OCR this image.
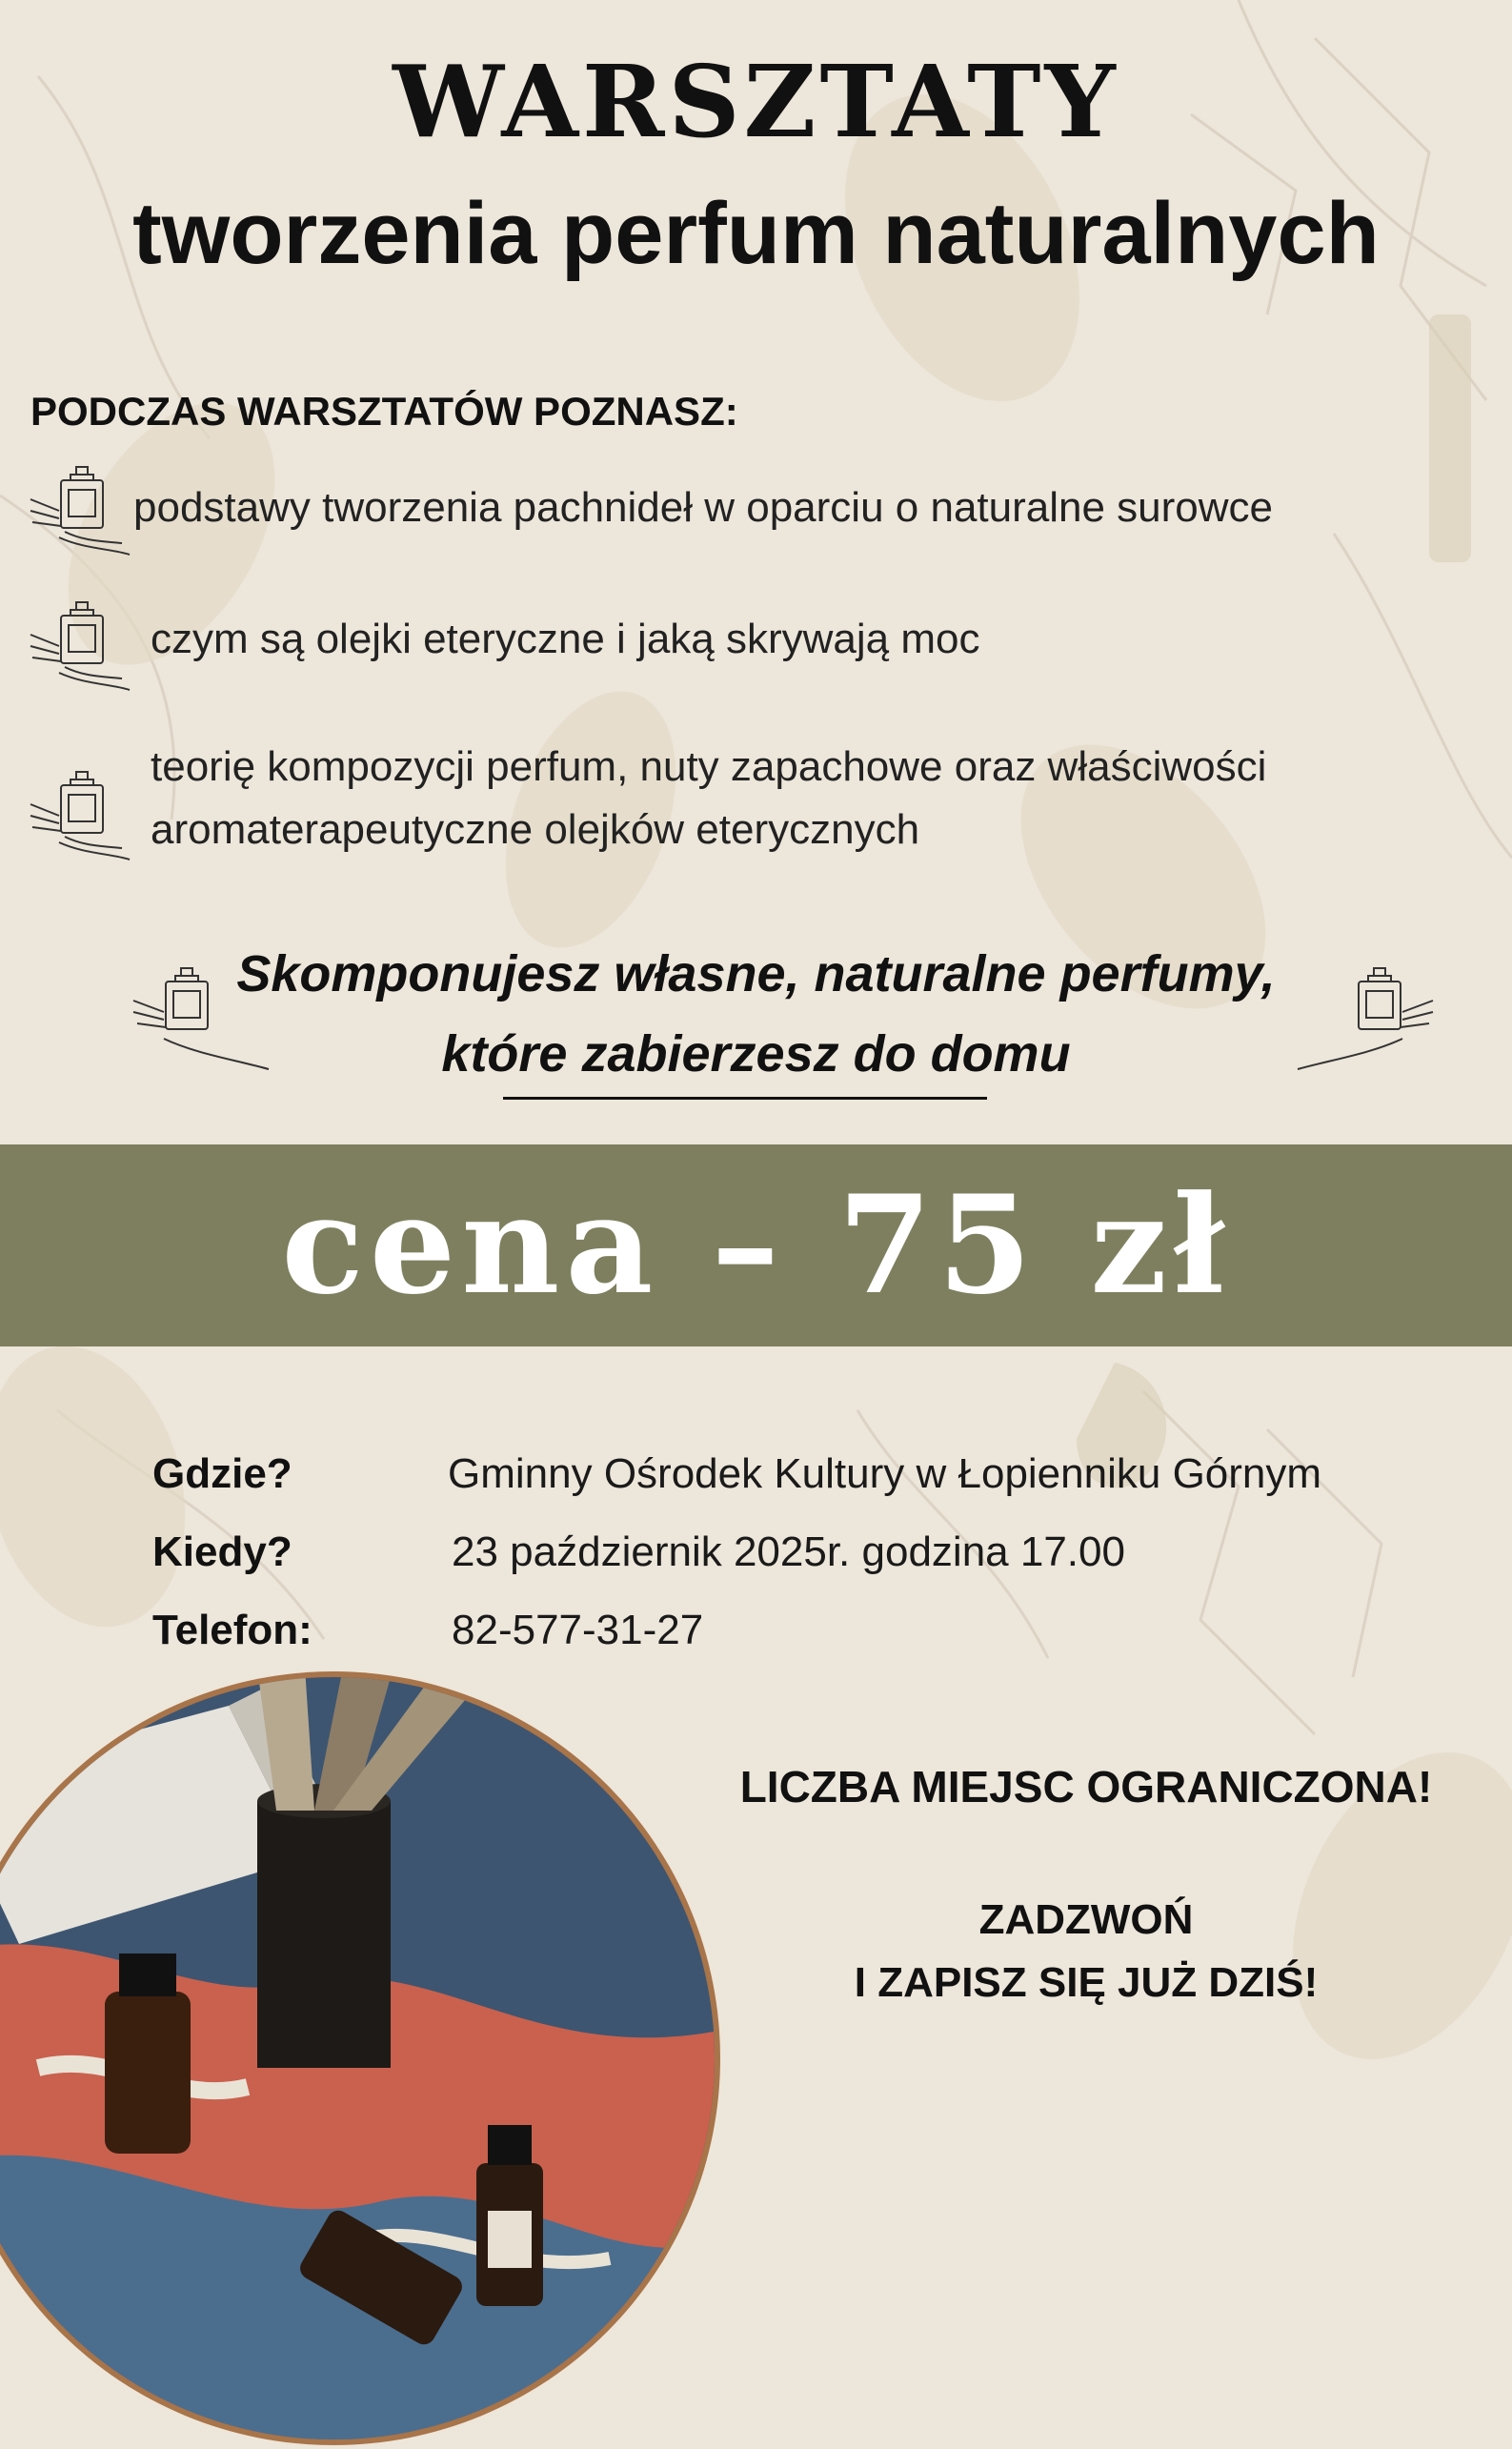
WARSZTATY
tworzenia perfum naturalnych
PODCZAS WARSZTATÓW POZNASZ:
podstawy tworzenia pachnideł w oparciu o naturalne surowce
czym są olejki eteryczne i jaką skrywają moc
teorię kompozycji perfum, nuty zapachowe oraz właściwości
aromaterapeutyczne olejków eterycznych
Skomponujesz własne, naturalne perfumy,
które zabierzesz do domu
cena – 75 zł
Gdzie?	Gminny Ośrodek Kultury w Łopienniku Górnym
Kiedy?	23 październik 2025r. godzina 17.00
Telefon:	82-577-31-27
LICZBA MIEJSC OGRANICZONA!
ZADZWOŃ
I ZAPISZ SIĘ JUŻ DZIŚ!
